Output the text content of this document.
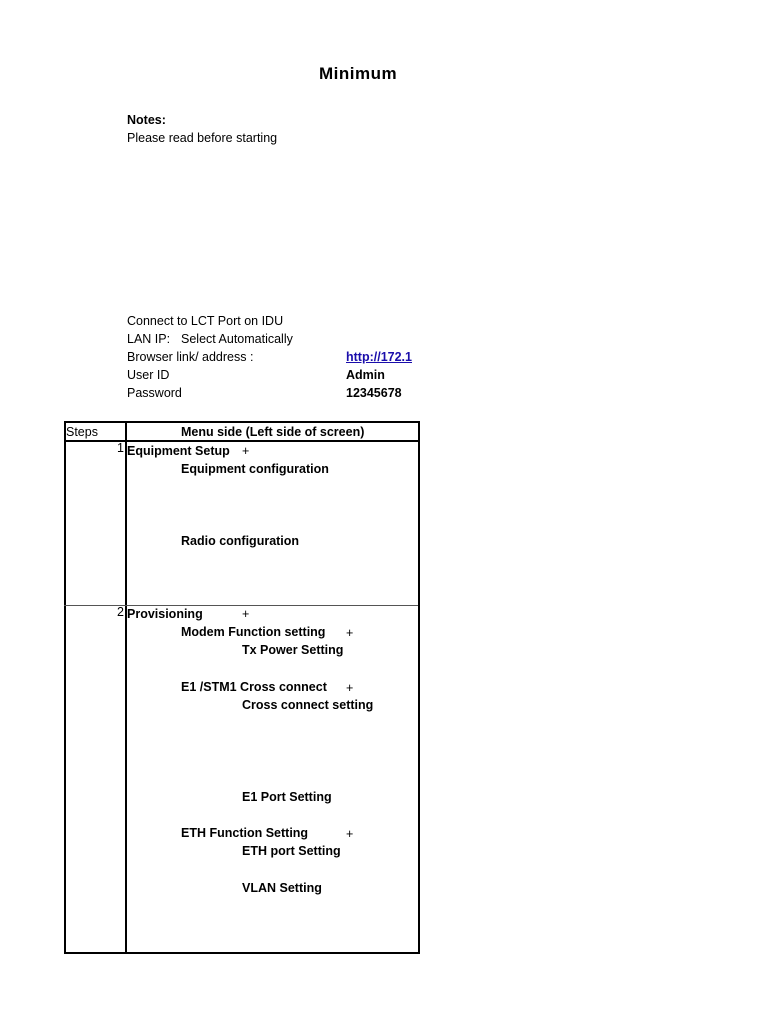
Minimum
Notes:
Please read before starting
Connect to LCT Port on IDU
LAN IP: Select Automatically
Browser link/ address :	http://172.1
User ID	Admin
Password	12345678
Steps	Menu side (Left side of screen)
1 Equipment Setup +
Equipment configuration
Radio configuration
2 Provisioning	+
Modem Function setting +
Tx Power Setting
E1 /STM1 Cross connect +
Cross connect setting
E1 Port Setting
ETH Function Setting	+
ETH port Setting
VLAN Setting
